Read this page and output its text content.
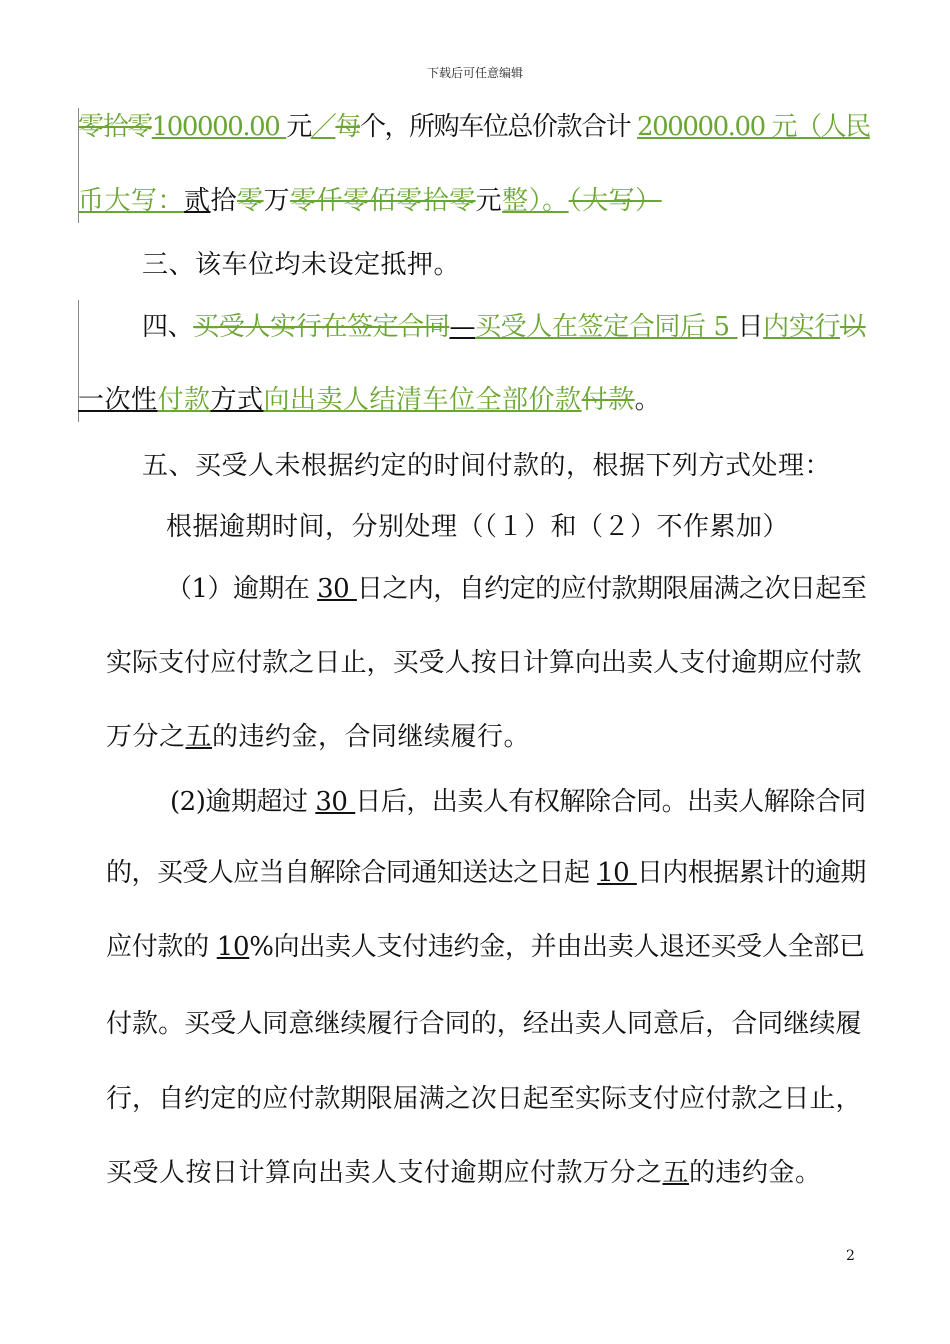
下载后可任意编辑
零拾零100000.00 元／每个，所购车位总价款合计 200000.00 元（人民
币大写：贰拾零万零仟零佰零拾零元整）。（大写）
三、该车位均未设定抵押。
四、买受人实行在签定合同—买受人在签定合同后 5 日内实行以
一次性付款方式向出卖人结清车位全部价款付款。
五、买受人未根据约定的时间付款的，根据下列方式处理：
根据逾期时间，分别处理（（１）和（２）不作累加）
（1）逾期在 30 日之内，自约定的应付款期限届满之次日起至
实际支付应付款之日止，买受人按日计算向出卖人支付逾期应付款
万分之五的违约金，合同继续履行。
(2)逾期超过 30 日后，出卖人有权解除合同。出卖人解除合同
的，买受人应当自解除合同通知送达之日起 10 日内根据累计的逾期
应付款的 10%向出卖人支付违约金，并由出卖人退还买受人全部已
付款。买受人同意继续履行合同的，经出卖人同意后，合同继续履
行，自约定的应付款期限届满之次日起至实际支付应付款之日止，
买受人按日计算向出卖人支付逾期应付款万分之五的违约金。
2
